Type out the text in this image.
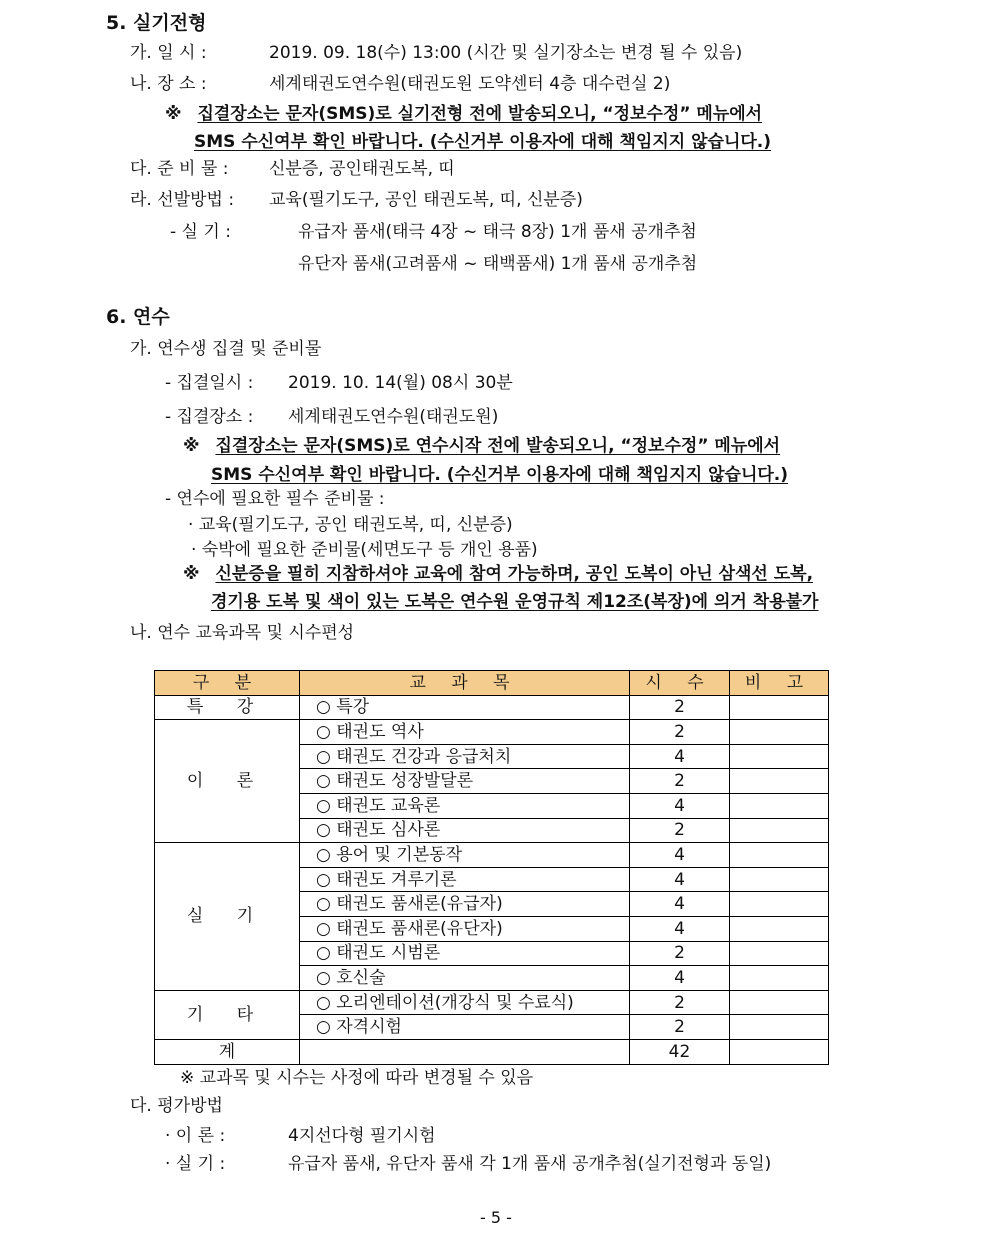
5. 실기전형
가. 일 시 :	2019. 09. 18(수) 13:00 (시간 및 실기장소는 변경 될 수 있음)
나. 장 소 :	세계태권도연수원(태권도원 도약센터 4층 대수련실 2)
※ 집결장소는 문자(SMS)로 실기전형 전에 발송되오니, “정보수정” 메뉴에서
SMS 수신여부 확인 바랍니다. (수신거부 이용자에 대해 책임지지 않습니다.)
다. 준 비 물 : 신분증, 공인태권도복, 띠
라. 선발방법 : 교육(필기도구, 공인 태권도복, 띠, 신분증)
- 실 기 :	유급자 품새(태극 4장 ~ 태극 8장) 1개 품새 공개추첨
유단자 품새(고려품새 ~ 태백품새) 1개 품새 공개추첨
6. 연수
가. 연수생 집결 및 준비물
- 집결일시 : 2019. 10. 14(월) 08시 30분
- 집결장소 : 세계태권도연수원(태권도원)
※ 집결장소는 문자(SMS)로 연수시작 전에 발송되오니, “정보수정” 메뉴에서
SMS 수신여부 확인 바랍니다. (수신거부 이용자에 대해 책임지지 않습니다.)
- 연수에 필요한 필수 준비물 :
· 교육(필기도구, 공인 태권도복, 띠, 신분증)
· 숙박에 필요한 준비물(세면도구 등 개인 용품)
※ 신분증을 필히 지참하셔야 교육에 참여 가능하며, 공인 도복이 아닌 삼색선 도복,
경기용 도복 및 색이 있는 도복은 연수원 운영규칙 제12조(복장)에 의거 착용불가
나. 연수 교육과목 및 시수편성
구 분	교 과 목	시 수	비 고
특 강	○ 특강	2	
이 론	○ 태권도 역사	2	
	○ 태권도 건강과 응급처치	4	
	○ 태권도 성장발달론	2	
	○ 태권도 교육론	4	
	○ 태권도 심사론	2	
실 기	○ 용어 및 기본동작	4	
	○ 태권도 겨루기론	4	
	○ 태권도 품새론(유급자)	4	
	○ 태권도 품새론(유단자)	4	
	○ 태권도 시범론	2	
	○ 호신술	4	
기 타	○ 오리엔테이션(개강식 및 수료식)	2	
	○ 자격시험	2	
계		42	
※ 교과목 및 시수는 사정에 따라 변경될 수 있음
다. 평가방법
· 이 론 :	4지선다형 필기시험
· 실 기 :	유급자 품새, 유단자 품새 각 1개 품새 공개추첨(실기전형과 동일)
- 5 -
